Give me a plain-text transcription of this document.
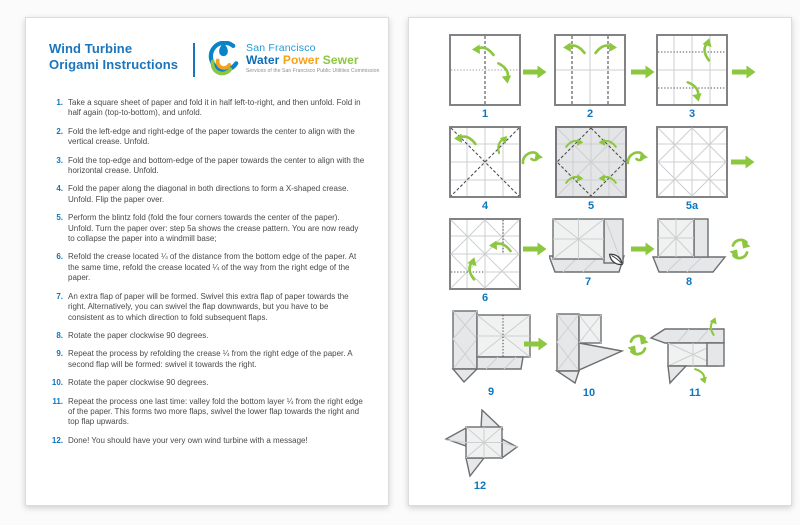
Wind Turbine
Origami Instructions
San Francisco
Water Power Sewer
Services of the San Francisco Public Utilities Commission
1. Take a square sheet of paper and fold it in half left-to-right, and then unfold. Fold in half again (top-to-bottom), and unfold.
2. Fold the left-edge and right-edge of the paper towards the center to align with the vertical crease. Unfold.
3. Fold the top-edge and bottom-edge of the paper towards the center to align with the horizontal crease. Unfold.
4. Fold the paper along the diagonal in both directions to form a X-shaped crease. Unfold. Flip the paper over.
5. Perform the blintz fold (fold the four corners towards the center of the paper). Unfold. Turn the paper over: step 5a shows the crease pattern. You are now ready to collapse the paper into a windmill base;
6. Refold the crease located ¼ of the distance from the bottom edge of the paper. At the same time, refold the crease located ¼ of the way from the right edge of the paper.
7. An extra flap of paper will be formed. Swivel this extra flap of paper towards the right. Alternatively, you can swivel the flap downwards, but you have to be consistent as to which direction to fold subsequent flaps.
8. Rotate the paper clockwise 90 degrees.
9. Repeat the process by refolding the crease ¼ from the right edge of the paper. A second flap will be formed: swivel it towards the right.
10. Rotate the paper clockwise 90 degrees.
11. Repeat the process one last time: valley fold the bottom layer ¼ from the right edge of the paper. This forms two more flaps, swivel the lower flap towards the right and top flap upwards.
12. Done! You should have your very own wind turbine with a message!
1	2	3
4	5	5a
6
7	8
9	10	11
12
